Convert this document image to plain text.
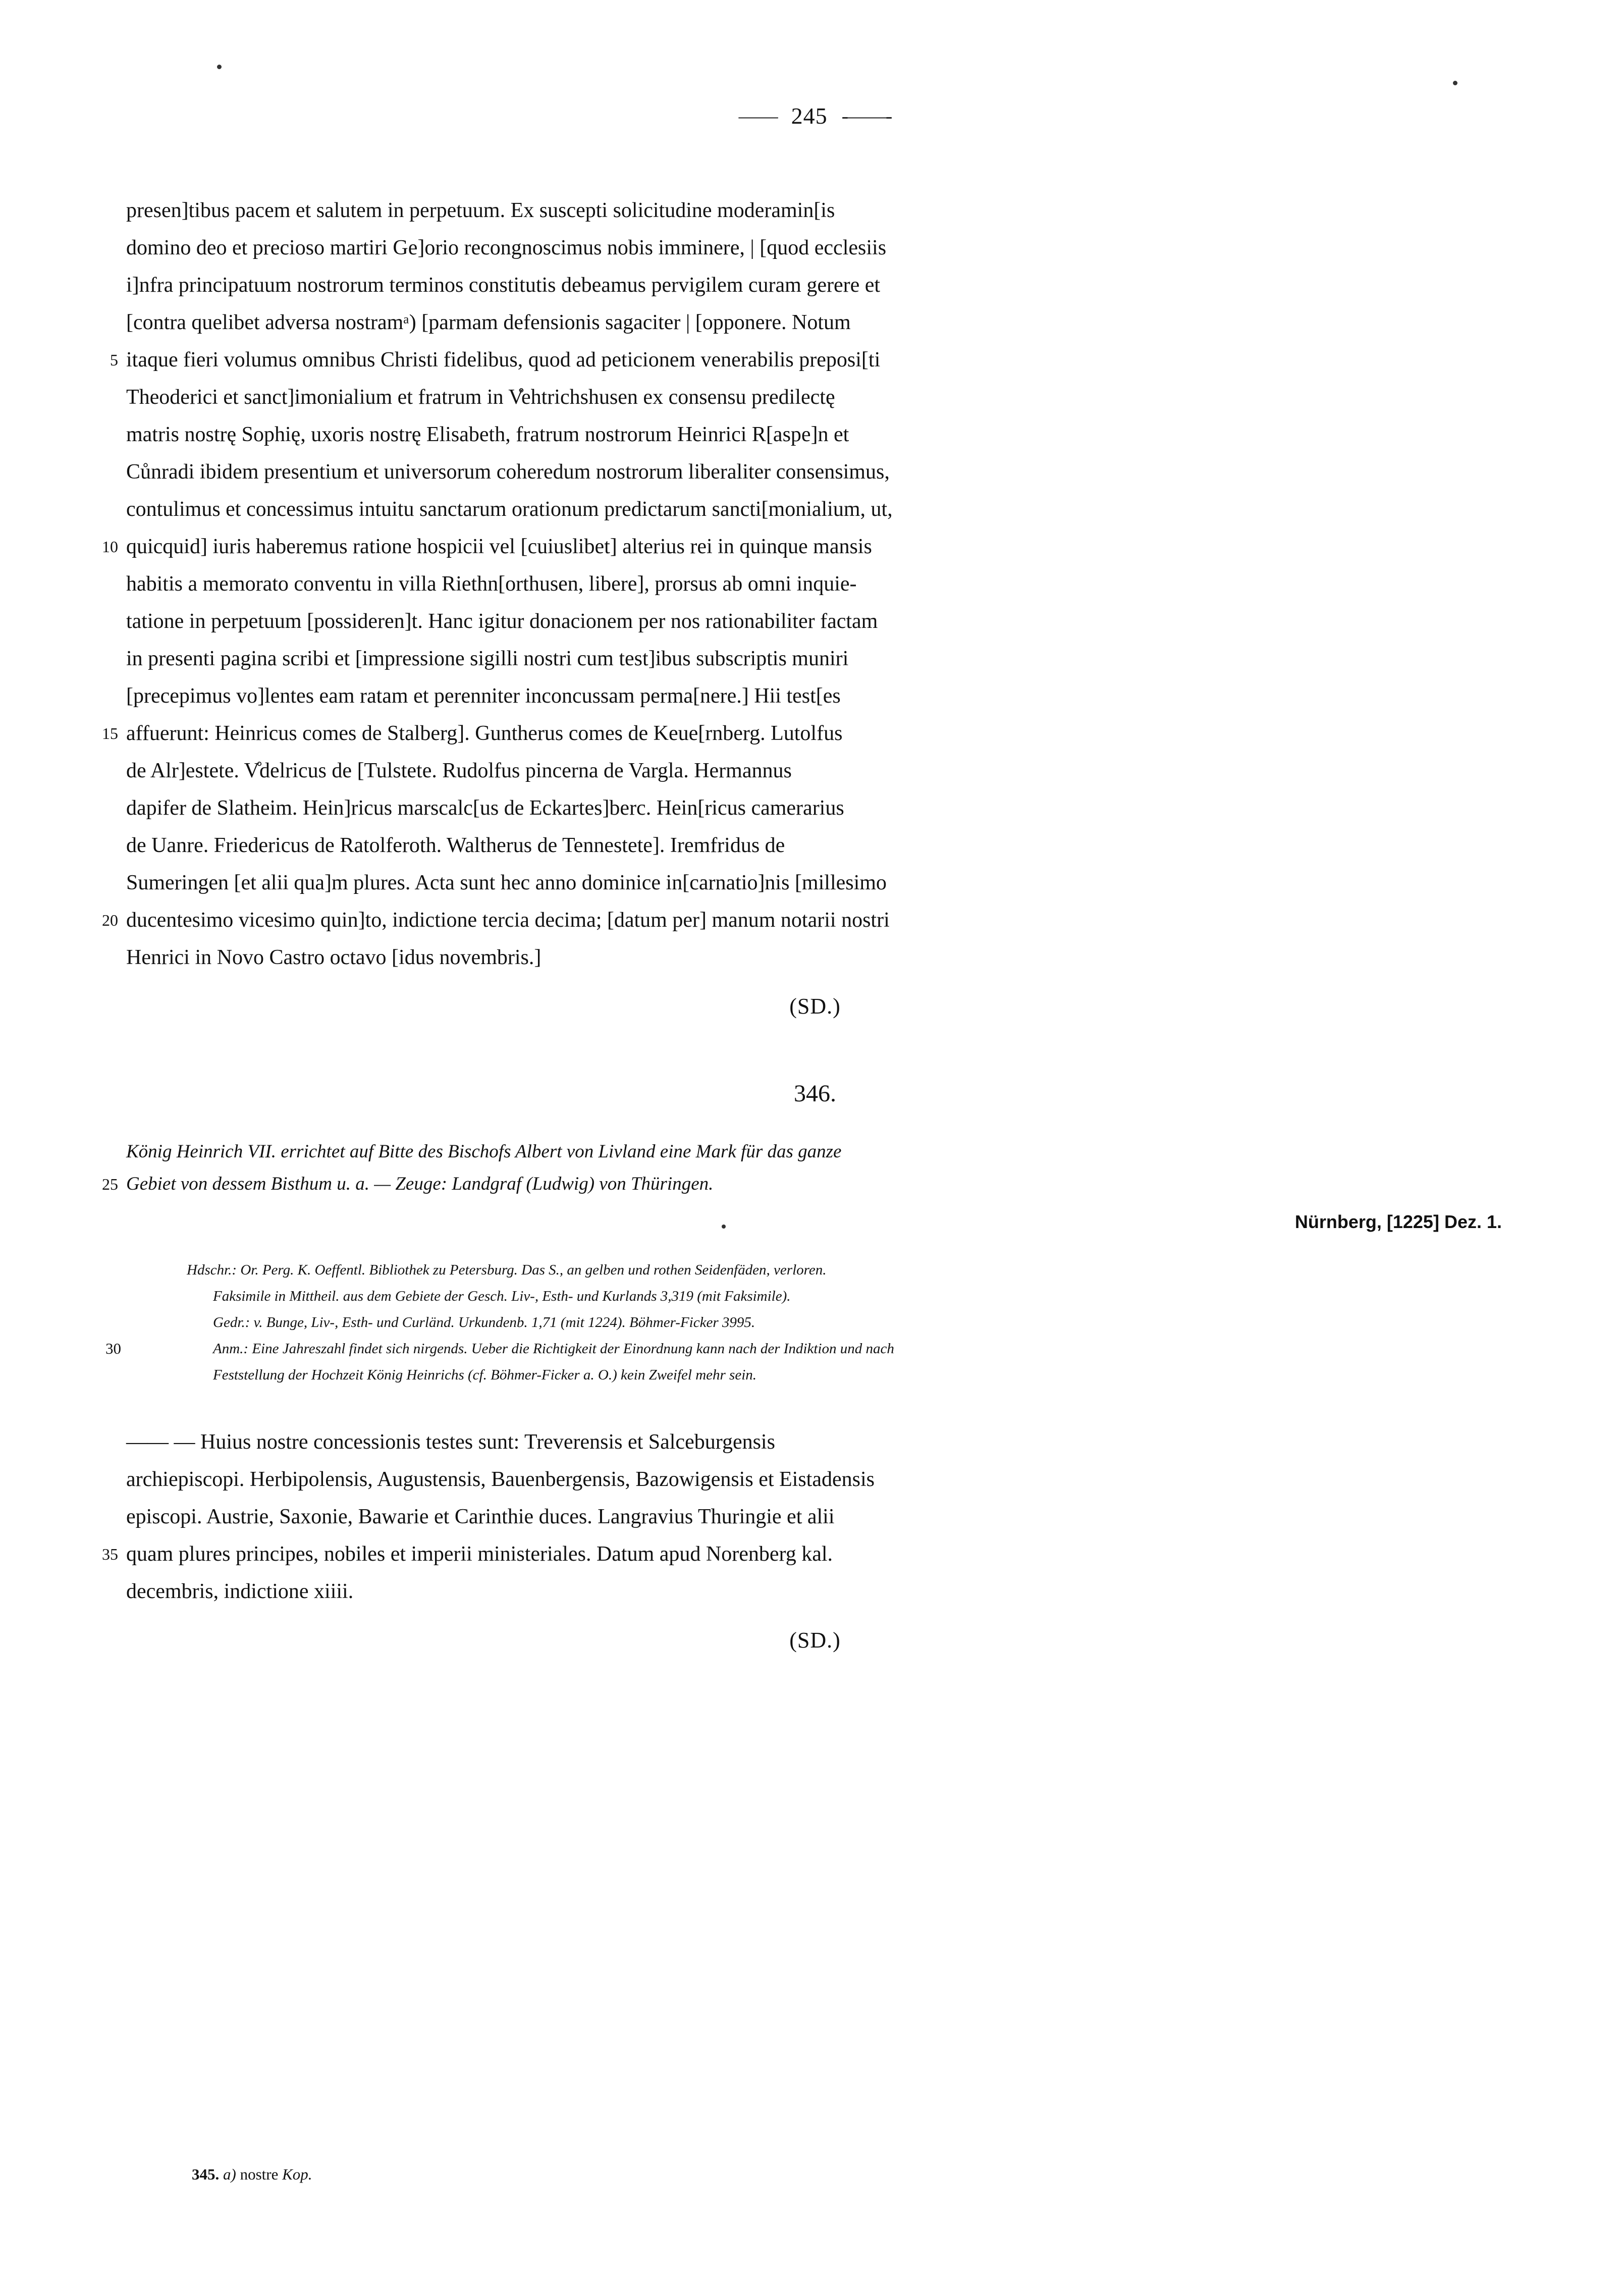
—— 245 -——-
presen]tibus pacem et salutem in perpetuum. Ex suscepti solicitudine moderamin[is
domino deo et precioso martiri Ge]orio recongnoscimus nobis imminere, | [quod ecclesiis
i]nfra principatuum nostrorum terminos constitutis debeamus pervigilem curam gerere et
[contra quelibet adversa nostramᵃ) [parmam defensionis sagaciter | [opponere. Notum
5 itaque fieri volumus omnibus Christi fidelibus, quod ad peticionem venerabilis preposi[ti
Theoderici et sanct]imonialium et fratrum in V̊ehtrichshusen ex consensu predilectę
matris nostrę Sophię, uxoris nostrę Elisabeth, fratrum nostrorum Heinrici R[aspe]n et
Cůnradi ibidem presentium et universorum coheredum nostrorum liberaliter consensimus,
contulimus et concessimus intuitu sanctarum orationum predictarum sancti[monialium, ut,
10 quicquid] iuris haberemus ratione hospicii vel [cuiuslibet] alterius rei in quinque mansis
habitis a memorato conventu in villa Riethn[orthusen, libere], prorsus ab omni inquie-
tatione in perpetuum [possideren]t. Hanc igitur donacionem per nos rationabiliter factam
in presenti pagina scribi et [impressione sigilli nostri cum test]ibus subscriptis muniri
[precepimus vo]lentes eam ratam et perenniter inconcussam perma[nere.] Hii test[es
15 affuerunt: Heinricus comes de Stalberg]. Guntherus comes de Keue[rnberg. Lutolfus
de Alr]estete. V̊delricus de [Tulstete. Rudolfus pincerna de Vargla. Hermannus
dapifer de Slatheim. Hein]ricus marscalc[us de Eckartes]berc. Hein[ricus camerarius
de Uanre. Friedericus de Ratolferoth. Waltherus de Tennestete]. Iremfridus de
Sumeringen [et alii qua]m plures. Acta sunt hec anno dominice in[carnatio]nis [millesimo
20 ducentesimo vicesimo quin]to, indictione tercia decima; [datum per] manum notarii nostri
Henrici in Novo Castro octavo [idus novembris.]
(SD.)
346.
König Heinrich VII. errichtet auf Bitte des Bischofs Albert von Livland eine Mark für das ganze
25 Gebiet von dessem Bisthum u. a. — Zeuge: Landgraf (Ludwig) von Thüringen.
Nürnberg, [1225] Dez. 1.
Hdschr.: Or. Perg. K. Oeffentl. Bibliothek zu Petersburg. Das S., an gelben und rothen Seidenfäden, verloren.
Faksimile in Mittheil. aus dem Gebiete der Gesch. Liv-, Esth- und Kurlands 3,319 (mit Faksimile).
Gedr.: v. Bunge, Liv-, Esth- und Curländ. Urkundenb. 1,71 (mit 1224). Böhmer-Ficker 3995.
30	Anm.: Eine Jahreszahl findet sich nirgends. Ueber die Richtigkeit der Einordnung kann nach der Indiktion und nach
Feststellung der Hochzeit König Heinrichs (cf. Böhmer-Ficker a. O.) kein Zweifel mehr sein.
—— — Huius nostre concessionis testes sunt: Treverensis et Salceburgensis
archiepiscopi. Herbipolensis, Augustensis, Bauenbergensis, Bazowigensis et Eistadensis
episcopi. Austrie, Saxonie, Bawarie et Carinthie duces. Langravius Thuringie et alii
35 quam plures principes, nobiles et imperii ministeriales. Datum apud Norenberg kal.
decembris, indictione xiiii.
(SD.)
345. a) nostre Kop.
